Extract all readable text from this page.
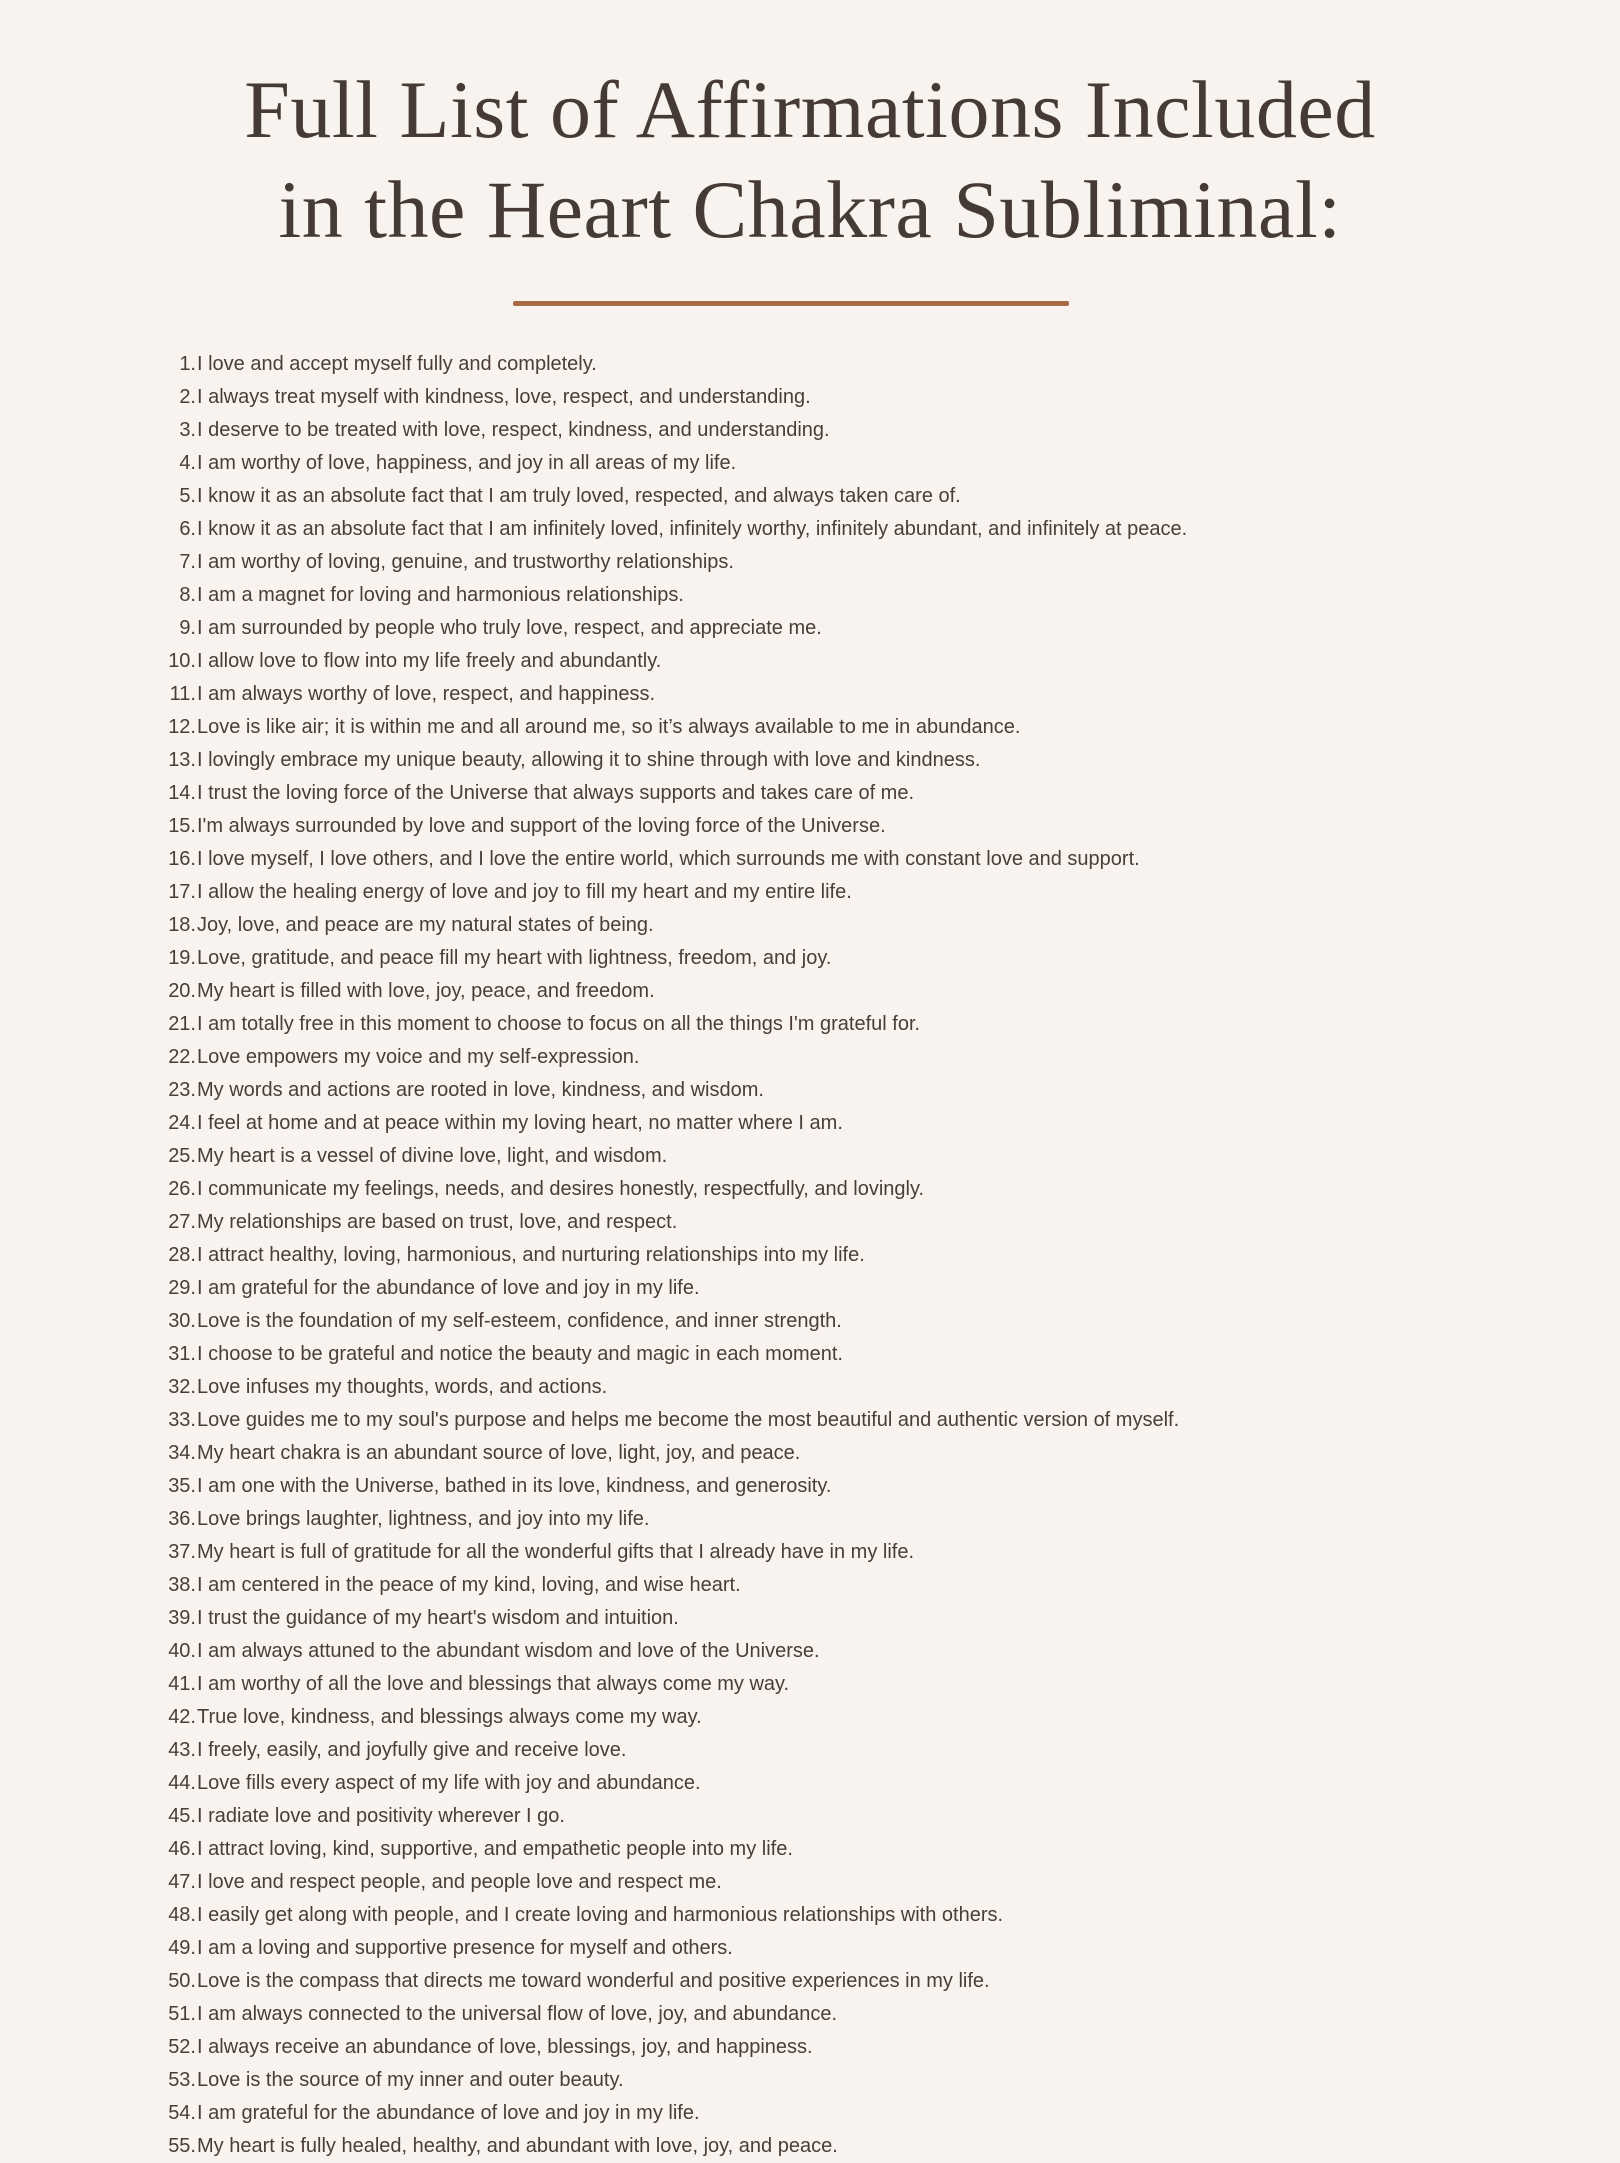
Full List of Affirmations Included
in the Heart Chakra Subliminal:
1. I love and accept myself fully and completely.
2. I always treat myself with kindness, love, respect, and understanding.
3. I deserve to be treated with love, respect, kindness, and understanding.
4. I am worthy of love, happiness, and joy in all areas of my life.
5. I know it as an absolute fact that I am truly loved, respected, and always taken care of.
6. I know it as an absolute fact that I am infinitely loved, infinitely worthy, infinitely abundant, and infinitely at peace.
7. I am worthy of loving, genuine, and trustworthy relationships.
8. I am a magnet for loving and harmonious relationships.
9. I am surrounded by people who truly love, respect, and appreciate me.
10. I allow love to flow into my life freely and abundantly.
11. I am always worthy of love, respect, and happiness.
12. Love is like air; it is within me and all around me, so it’s always available to me in abundance.
13. I lovingly embrace my unique beauty, allowing it to shine through with love and kindness.
14. I trust the loving force of the Universe that always supports and takes care of me.
15. I'm always surrounded by love and support of the loving force of the Universe.
16. I love myself, I love others, and I love the entire world, which surrounds me with constant love and support.
17. I allow the healing energy of love and joy to fill my heart and my entire life.
18. Joy, love, and peace are my natural states of being.
19. Love, gratitude, and peace fill my heart with lightness, freedom, and joy.
20. My heart is filled with love, joy, peace, and freedom.
21. I am totally free in this moment to choose to focus on all the things I'm grateful for.
22. Love empowers my voice and my self-expression.
23. My words and actions are rooted in love, kindness, and wisdom.
24. I feel at home and at peace within my loving heart, no matter where I am.
25. My heart is a vessel of divine love, light, and wisdom.
26. I communicate my feelings, needs, and desires honestly, respectfully, and lovingly.
27. My relationships are based on trust, love, and respect.
28. I attract healthy, loving, harmonious, and nurturing relationships into my life.
29. I am grateful for the abundance of love and joy in my life.
30. Love is the foundation of my self-esteem, confidence, and inner strength.
31. I choose to be grateful and notice the beauty and magic in each moment.
32. Love infuses my thoughts, words, and actions.
33. Love guides me to my soul's purpose and helps me become the most beautiful and authentic version of myself.
34. My heart chakra is an abundant source of love, light, joy, and peace.
35. I am one with the Universe, bathed in its love, kindness, and generosity.
36. Love brings laughter, lightness, and joy into my life.
37. My heart is full of gratitude for all the wonderful gifts that I already have in my life.
38. I am centered in the peace of my kind, loving, and wise heart.
39. I trust the guidance of my heart's wisdom and intuition.
40. I am always attuned to the abundant wisdom and love of the Universe.
41. I am worthy of all the love and blessings that always come my way.
42. True love, kindness, and blessings always come my way.
43. I freely, easily, and joyfully give and receive love.
44. Love fills every aspect of my life with joy and abundance.
45. I radiate love and positivity wherever I go.
46. I attract loving, kind, supportive, and empathetic people into my life.
47. I love and respect people, and people love and respect me.
48. I easily get along with people, and I create loving and harmonious relationships with others.
49. I am a loving and supportive presence for myself and others.
50. Love is the compass that directs me toward wonderful and positive experiences in my life.
51. I am always connected to the universal flow of love, joy, and abundance.
52. I always receive an abundance of love, blessings, joy, and happiness.
53. Love is the source of my inner and outer beauty.
54. I am grateful for the abundance of love and joy in my life.
55. My heart is fully healed, healthy, and abundant with love, joy, and peace.
